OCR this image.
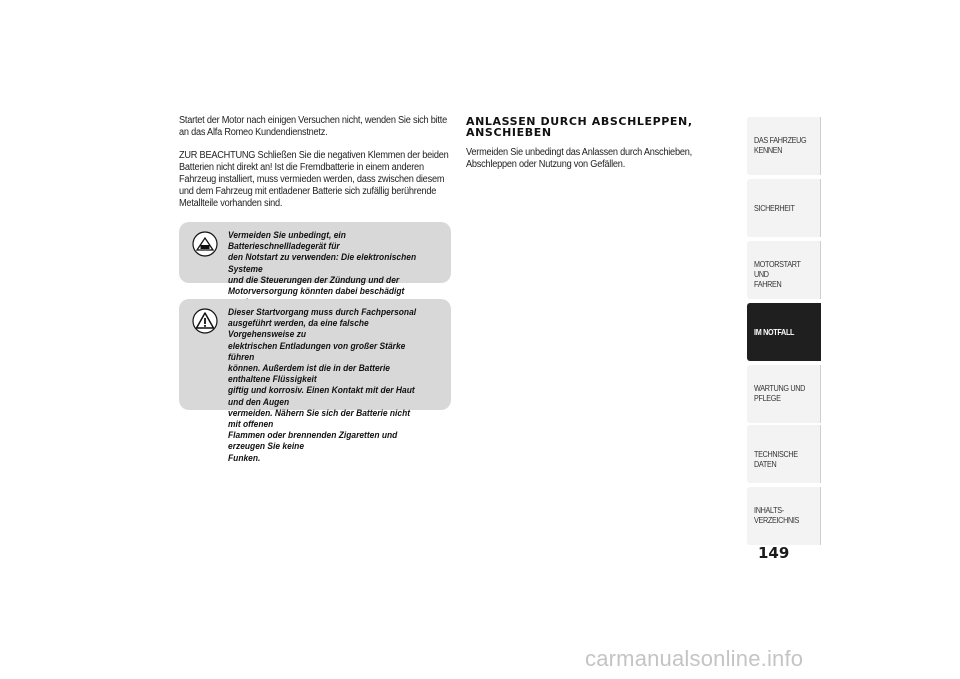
Startet der Motor nach einigen Versuchen nicht, wenden Sie sich bitte
an das Alfa Romeo Kundendienstnetz.

ZUR BEACHTUNG Schließen Sie die negativen Klemmen der beiden
Batterien nicht direkt an! Ist die Fremdbatterie in einem anderen
Fahrzeug installiert, muss vermieden werden, dass zwischen diesem
und dem Fahrzeug mit entladener Batterie sich zufällig berührende
Metallteile vorhanden sind.

Vermeiden Sie unbedingt, ein Batterieschnellladegerät für
den Notstart zu verwenden: Die elektronischen Systeme
und die Steuerungen der Zündung und der
Motorversorgung könnten dabei beschädigt

Dieser Startvorgang muss durch Fachpersonal
ausgeführt werden, da eine falsche Vorgehensweise zu
elektrischen Entladungen von großer Stärke führen
können. Außerdem ist die in der Batterie enthaltene Flüssigkeit
giftig und korrosiv. Einen Kontakt mit der Haut und den Augen
vermeiden. Nähern Sie sich der Batterie nicht mit offenen
Flammen oder brennenden Zigaretten und erzeugen Sie keine
Funken.

ANLASSEN DURCH ABSCHLEPPEN,
ANSCHIEBEN

Vermeiden Sie unbedingt das Anlassen durch Anschieben,
Abschleppen oder Nutzung von Gefällen.

DAS FAHRZEUG
KENNEN

SICHERHEIT

MOTORSTART UND
FAHREN

IM NOTFALL

WARTUNG UND
PFLEGE

TECHNISCHE DATEN

INHALTS-
VERZEICHNIS

149

carmanualsonline.info
